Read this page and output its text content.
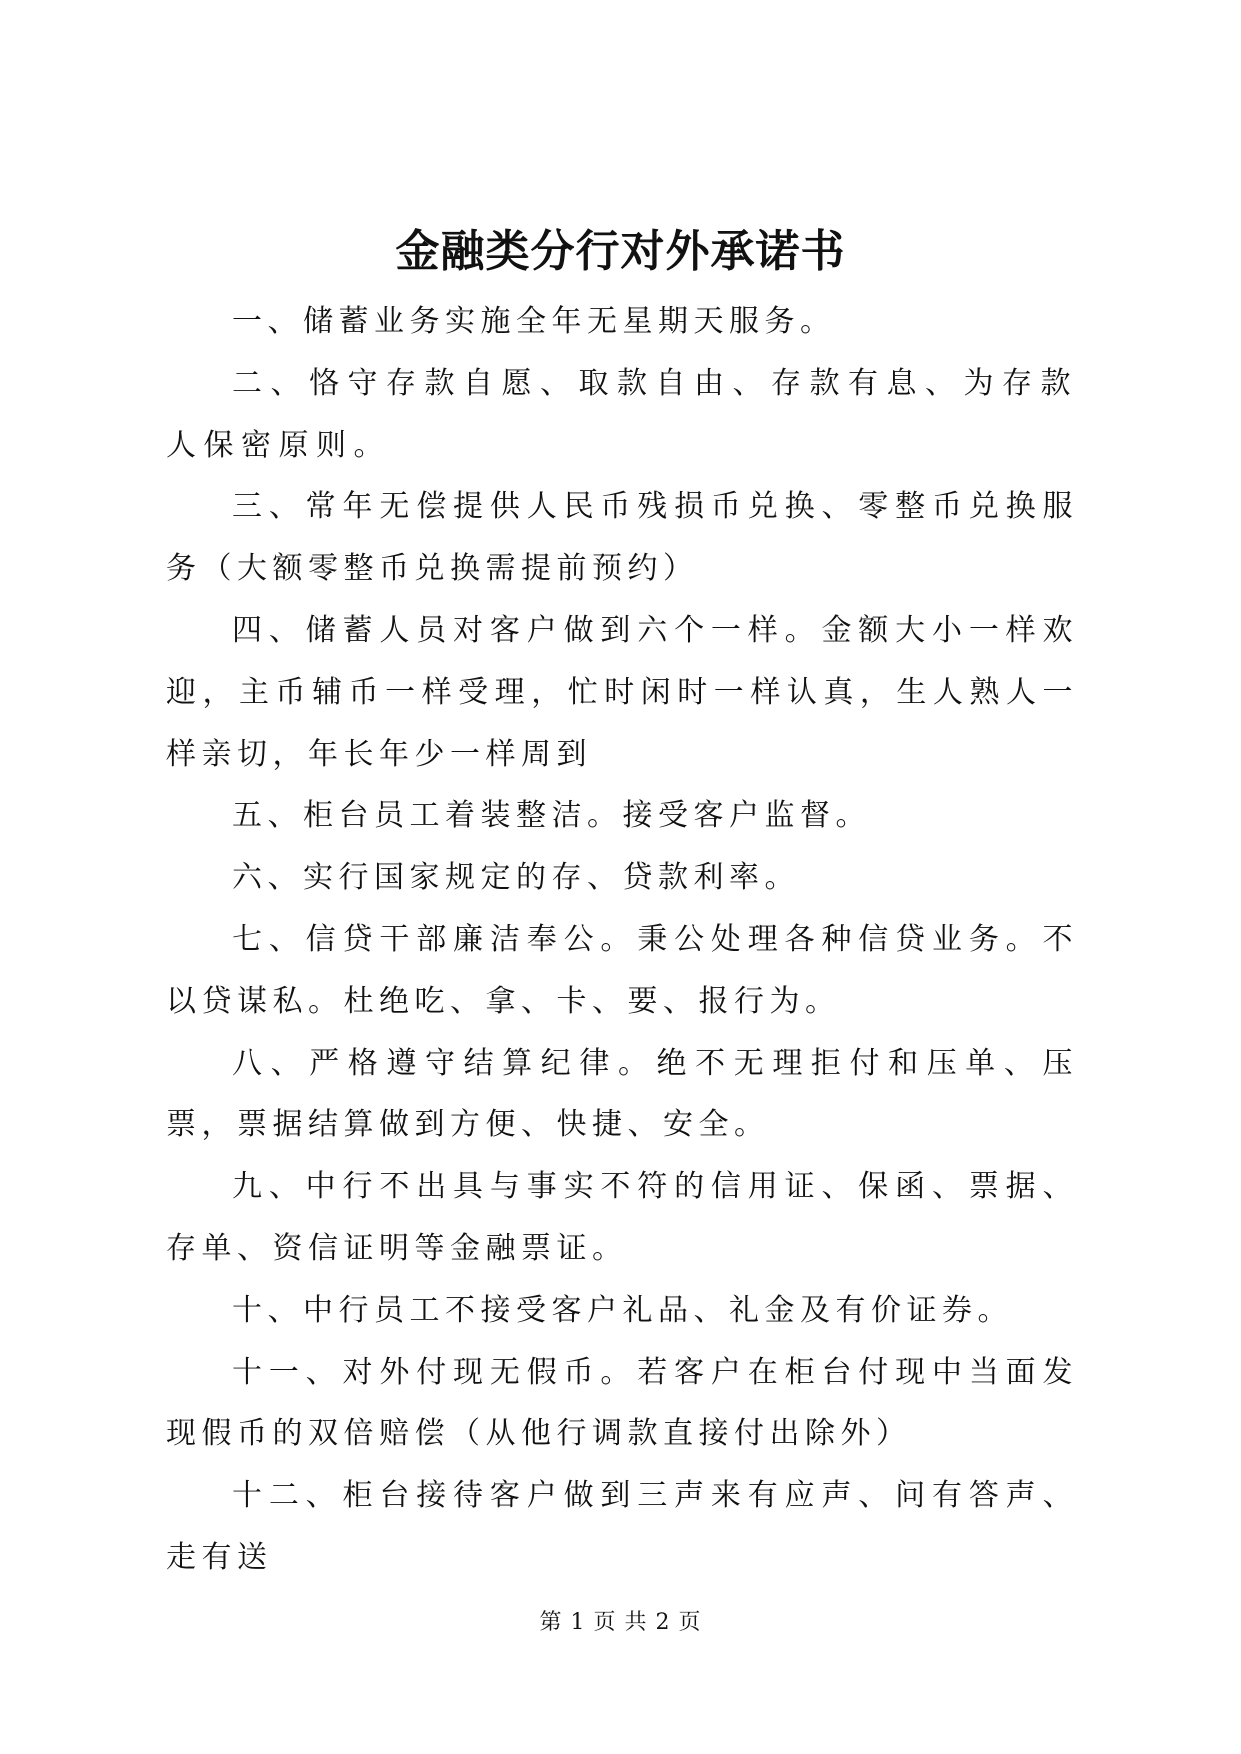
金融类分行对外承诺书

一、储蓄业务实施全年无星期天服务。

二、恪守存款自愿、取款自由、存款有息、为存款人保密原则。

三、常年无偿提供人民币残损币兑换、零整币兑换服务（大额零整币兑换需提前预约）

四、储蓄人员对客户做到六个一样。金额大小一样欢迎，主币辅币一样受理，忙时闲时一样认真，生人熟人一样亲切，年长年少一样周到

五、柜台员工着装整洁。接受客户监督。

六、实行国家规定的存、贷款利率。

七、信贷干部廉洁奉公。秉公处理各种信贷业务。不以贷谋私。杜绝吃、拿、卡、要、报行为。

八、严格遵守结算纪律。绝不无理拒付和压单、压票，票据结算做到方便、快捷、安全。

九、中行不出具与事实不符的信用证、保函、票据、存单、资信证明等金融票证。

十、中行员工不接受客户礼品、礼金及有价证券。

十一、对外付现无假币。若客户在柜台付现中当面发现假币的双倍赔偿（从他行调款直接付出除外）

十二、柜台接待客户做到三声来有应声、问有答声、走有送

第 1 页 共 2 页
